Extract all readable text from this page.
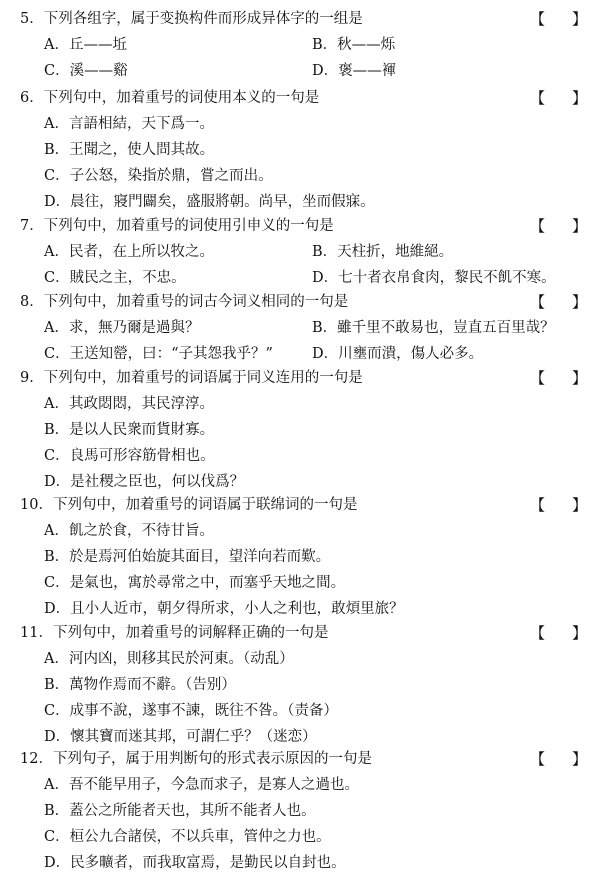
5．下列各组字，属于变换构件而形成异体字的一组是	【 】
A．丘——坵	B．秋——烁
C．溪——谿	D．褒——褌
6．下列句中，加着重号的词使用本义的一句是	【 】
A．言語相結，天下爲一。
B．王聞之，使人問其故。
C．子公怒，染指於鼎，嘗之而出。
D．晨往，寢門闢矣，盛服將朝。尚早，坐而假寐。
7．下列句中，加着重号的词使用引申义的一句是	【 】
A．民者，在上所以牧之。	B．天柱折，地維絕。
C．賊民之主，不忠。	D．七十者衣帛食肉，黎民不飢不寒。
8．下列句中，加着重号的词古今词义相同的一句是	【 】
A．求，無乃爾是過與？	B．雖千里不敢易也，豈直五百里哉？
C．王送知罃，曰：“子其怨我乎？”	D．川壅而潰，傷人必多。
9．下列句中，加着重号的词语属于同义连用的一句是	【 】
A．其政悶悶，其民淳淳。
B．是以人民衆而貨財寡。
C．良馬可形容筋骨相也。
D．是社稷之臣也，何以伐爲？
10．下列句中，加着重号的词语属于联绵词的一句是	【 】
A．飢之於食，不待甘旨。
B．於是焉河伯始旋其面目，望洋向若而歎。
C．是氣也，寓於尋常之中，而塞乎天地之間。
D．且小人近市，朝夕得所求，小人之利也，敢煩里旅？
11．下列句中，加着重号的词解释正确的一句是	【 】
A．河内凶，則移其民於河東。（动乱）
B．萬物作焉而不辭。（告别）
C．成事不說，遂事不諫，既往不咎。（责备）
D．懷其寶而迷其邦，可謂仁乎？（迷恋）
12．下列句子，属于用判断句的形式表示原因的一句是	【 】
A．吾不能早用子，今急而求子，是寡人之過也。
B．蓋公之所能者天也，其所不能者人也。
C．桓公九合諸侯，不以兵車，管仲之力也。
D．民多曠者，而我取富焉，是勤民以自封也。
